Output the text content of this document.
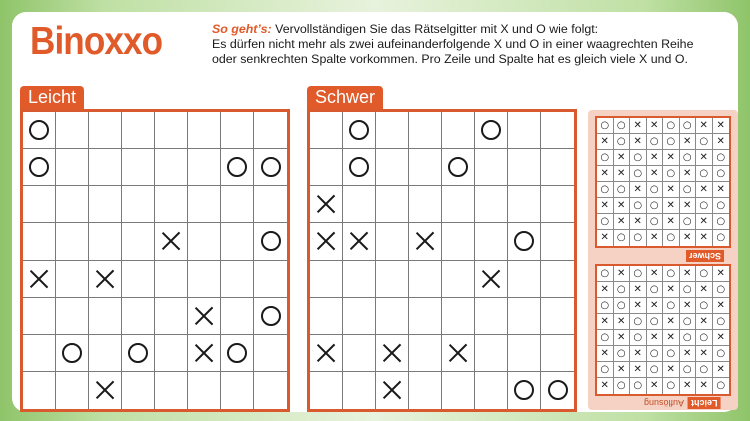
Binoxxo	So geht’s: Vervollständigen Sie das Rätselgitter mit X und O wie folgt:
Es dürfen nicht mehr als zwei aufeinanderfolgende X und O in einer waagrechten Reihe
oder senkrechten Spalte vorkommen. Pro Zeile und Spalte hat es gleich viele X und O.
Leicht	Schwer
○ ○ ✕ ✕ ○ ○ ✕ ✕
✕ ○ ✕ ○ ○ ✕ ○ ✕
○ ✕ ○ ✕ ✕ ○ ✕ ○
✕ ✕ ○ ✕ ○ ✕ ○ ○
○ ○ ✕ ○ ✕ ○ ✕ ✕
✕ ✕ ○ ○ ✕ ✕ ○ ○
○ ✕ ✕ ○ ✕ ○ ✕ ○
✕ ○ ○ ✕ ○ ✕ ✕ ○
Schwer
○ ✕ ○ ✕ ○ ✕ ○ ✕
✕ ○ ✕ ○ ✕ ○ ✕ ○
○ ○ ✕ ✕ ○ ✕ ○ ✕
✕ ✕ ○ ○ ✕ ○ ✕ ○
○ ✕ ○ ✕ ✕ ○ ○ ✕
✕ ○ ✕ ○ ○ ✕ ✕ ○
○ ✕ ✕ ○ ✕ ○ ○ ✕
✕ ○ ○ ✕ ○ ✕ ✕ ○
LeichtAuflösung
